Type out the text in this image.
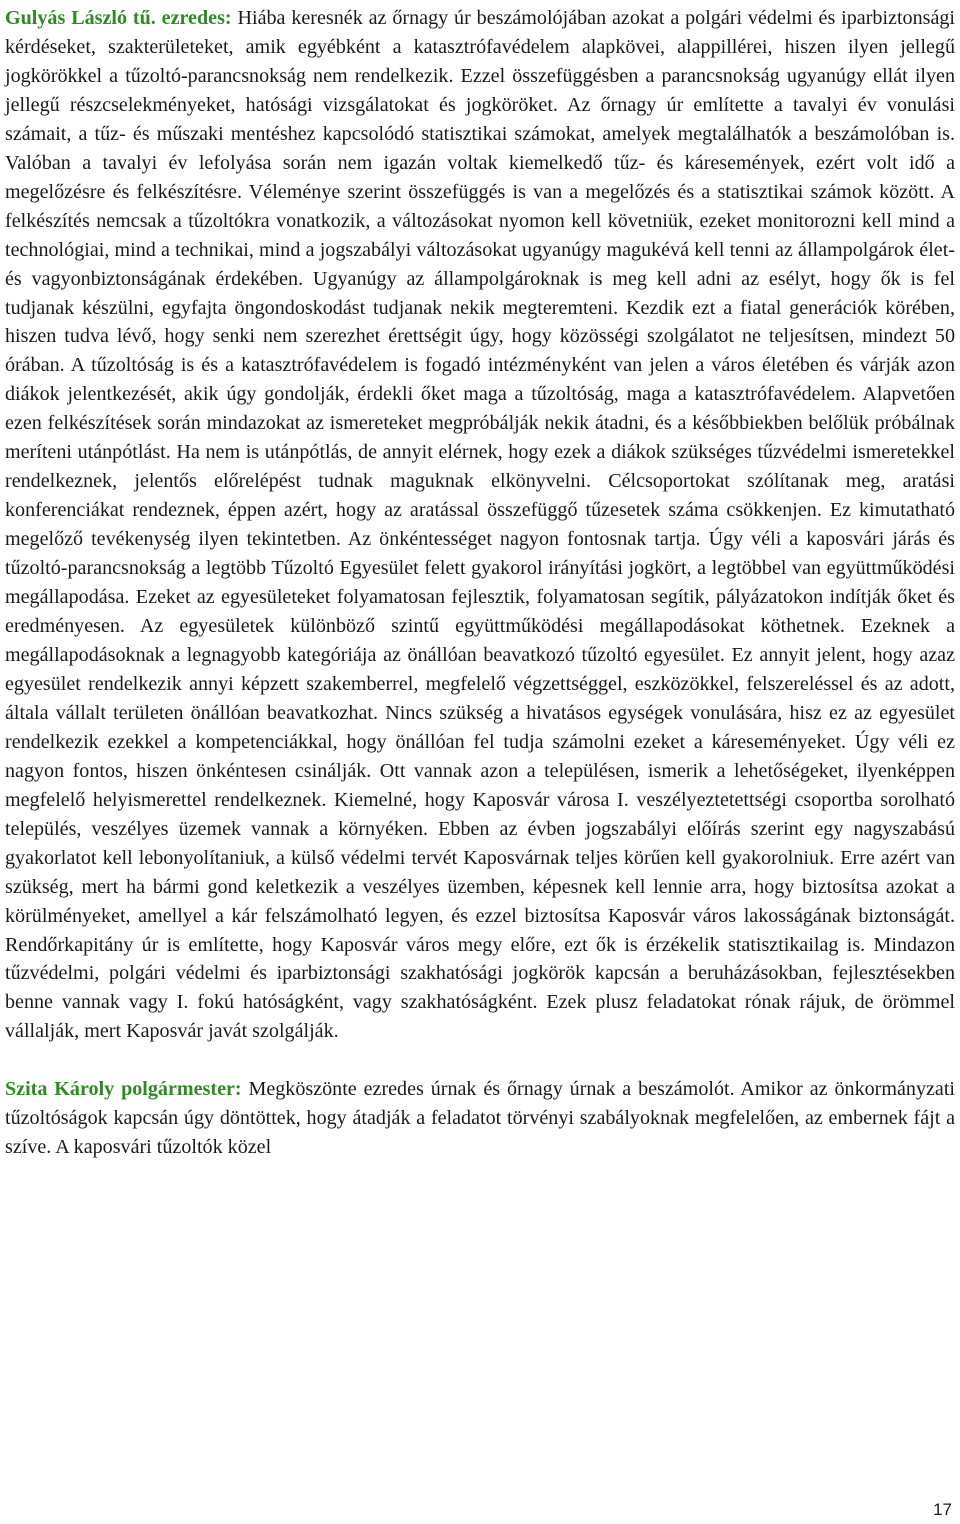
Gulyás László tű. ezredes: Hiába keresnék az őrnagy úr beszámolójában azokat a polgári védelmi és iparbiztonsági kérdéseket, szakterületeket, amik egyébként a katasztrófavédelem alapkövei, alappillérei, hiszen ilyen jellegű jogkörökkel a tűzoltó-parancsnokság nem rendelkezik. Ezzel összefüggésben a parancsnokság ugyanúgy ellát ilyen jellegű részcselekményeket, hatósági vizsgálatokat és jogköröket. Az őrnagy úr említette a tavalyi év vonulási számait, a tűz- és műszaki mentéshez kapcsolódó statisztikai számokat, amelyek megtalálhatók a beszámolóban is. Valóban a tavalyi év lefolyása során nem igazán voltak kiemelkedő tűz- és káresemények, ezért volt idő a megelőzésre és felkészítésre. Véleménye szerint összefüggés is van a megelőzés és a statisztikai számok között. A felkészítés nemcsak a tűzoltókra vonatkozik, a változásokat nyomon kell követniük, ezeket monitorozni kell mind a technológiai, mind a technikai, mind a jogszabályi változásokat ugyanúgy magukévá kell tenni az állampolgárok élet- és vagyonbiztonságának érdekében. Ugyanúgy az állampolgároknak is meg kell adni az esélyt, hogy ők is fel tudjanak készülni, egyfajta öngondoskodást tudjanak nekik megteremteni. Kezdik ezt a fiatal generációk körében, hiszen tudva lévő, hogy senki nem szerezhet érettségit úgy, hogy közösségi szolgálatot ne teljesítsen, mindezt 50 órában. A tűzoltóság is és a katasztrófavédelem is fogadó intézményként van jelen a város életében és várják azon diákok jelentkezését, akik úgy gondolják, érdekli őket maga a tűzoltóság, maga a katasztrófavédelem. Alapvetően ezen felkészítések során mindazokat az ismereteket megpróbálják nekik átadni, és a későbbiekben belőlük próbálnak meríteni utánpótlást. Ha nem is utánpótlás, de annyit elérnek, hogy ezek a diákok szükséges tűzvédelmi ismeretekkel rendelkeznek, jelentős előrelépést tudnak maguknak elkönyvelni. Célcsoportokat szólítanak meg, aratási konferenciákat rendeznek, éppen azért, hogy az aratással összefüggő tűzesetek száma csökkenjen. Ez kimutatható megelőző tevékenység ilyen tekintetben. Az önkéntességet nagyon fontosnak tartja. Úgy véli a kaposvári járás és tűzoltó-parancsnokság a legtöbb Tűzoltó Egyesület felett gyakorol irányítási jogkört, a legtöbbel van együttműködési megállapodása. Ezeket az egyesületeket folyamatosan fejlesztik, folyamatosan segítik, pályázatokon indítják őket és eredményesen. Az egyesületek különböző szintű együttműködési megállapodásokat köthetnek. Ezeknek a megállapodásoknak a legnagyobb kategóriája az önállóan beavatkozó tűzoltó egyesület. Ez annyit jelent, hogy azaz egyesület rendelkezik annyi képzett szakemberrel, megfelelő végzettséggel, eszközökkel, felszereléssel és az adott, általa vállalt területen önállóan beavatkozhat. Nincs szükség a hivatásos egységek vonulására, hisz ez az egyesület rendelkezik ezekkel a kompetenciákkal, hogy önállóan fel tudja számolni ezeket a káreseményeket. Úgy véli ez nagyon fontos, hiszen önkéntesen csinálják. Ott vannak azon a településen, ismerik a lehetőségeket, ilyenképpen megfelelő helyismerettel rendelkeznek. Kiemelné, hogy Kaposvár városa I. veszélyeztetettségi csoportba sorolható település, veszélyes üzemek vannak a környéken. Ebben az évben jogszabályi előírás szerint egy nagyszabású gyakorlatot kell lebonyolítaniuk, a külső védelmi tervét Kaposvárnak teljes körűen kell gyakorolniuk. Erre azért van szükség, mert ha bármi gond keletkezik a veszélyes üzemben, képesnek kell lennie arra, hogy biztosítsa azokat a körülményeket, amellyel a kár felszámolható legyen, és ezzel biztosítsa Kaposvár város lakosságának biztonságát. Rendőrkapitány úr is említette, hogy Kaposvár város megy előre, ezt ők is érzékelik statisztikailag is. Mindazon tűzvédelmi, polgári védelmi és iparbiztonsági szakhatósági jogkörök kapcsán a beruházásokban, fejlesztésekben benne vannak vagy I. fokú hatóságként, vagy szakhatóságként. Ezek plusz feladatokat rónak rájuk, de örömmel vállalják, mert Kaposvár javát szolgálják.

Szita Károly polgármester: Megköszönte ezredes úrnak és őrnagy úrnak a beszámolót. Amikor az önkormányzati tűzoltóságok kapcsán úgy döntöttek, hogy átadják a feladatot törvényi szabályoknak megfelelően, az embernek fájt a szíve. A kaposvári tűzoltók közel

17
